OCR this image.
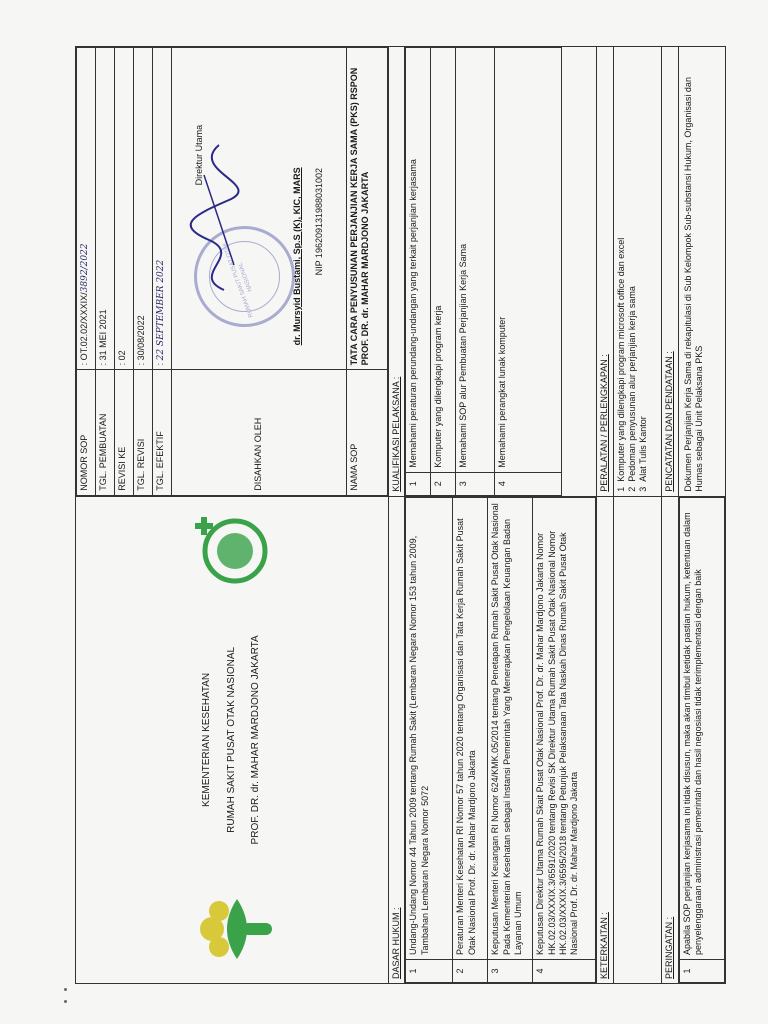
KEMENTERIAN KESEHATAN RUMAH SAKIT PUSAT OTAK NASIONAL PROF. DR. dr. MAHAR MARDJONO JAKARTA

NOMOR SOP	: OT.02.02/XXXIX/3892/2022
TGL. PEMBUATAN	: 31 MEI 2021
REVISI KE	: 02
TGL. REVISI	: 30/08/2022
TGL. EFEKTIF	: 22 SEPTEMBER 2022
DISAHKAN OLEH	
RUMAH SAKIT PUSAT OTAK NASIONAL
Direktur Utama
dr. Mursyid Bustami, Sp.S (K), KIC, MARS NIP 196209131988031002

NAMA SOP	TATA CARA PENYUSUNAN PERJANJIAN KERJA SAMA (PKS) RSPON PROF. DR. dr. MAHAR MARDJONO JAKARTA

DASAR HUKUM : 1	Undang-Undang Nomor 44 Tahun 2009 tentang Rumah Sakit (Lembaran Negara Nomor 153 tahun 2009, Tambahan Lembaran Negara Nomor 5072
2	Peraturan Menteri Kesehatan RI Nomor 57 tahun 2020 tentang Organisasi dan Tata Kerja Rumah Sakit Pusat Otak Nasional Prof. Dr. dr. Mahar Mardjono Jakarta
3	Keputusan Menteri Keuangan RI Nomor 624/KMK.05/2014 tentang Penetapan Rumah Sakit Pusat Otak Nasional Pada Kementerian Kesehatan sebagai Instansi Pemerintah Yang Menerapkan Pengelolaan Keuangan Badan Layanan Umum
4	Keputusan Direktur Utama Rumah Skait Pusat Otak Nasional Prof. Dr. dr. Mahar Mardjono Jakarta Nomor HK.02.03/XXXIX.3/6591/2020 tentang Revisi SK Direktur Utama Rumah Sakit Pusat Otak Nasional Nomor HK.02.03/XXXIX.3/6595/2018 tentang Petunjuk Pelaksanaan Tata Naskah Dinas Rumah Sakit Pusat Otak Nasional Prof. Dr. dr. Mahar Mardjono Jakarta

KUALIFIKASI PELAKSANA : 1	Memahami peraturan perundang-undangan yang terkait perjanjian kerjasama
2	Komputer yang dilengkapi program kerja
3	Memahami SOP alur Pembuatan Perjanjian Kerja Sama
4	Memahami perangkat lunak komputer

KETERKAITAN :

PERALATAN / PERLENGKAPAN : 1  Komputer yang dilengkapi program microsoft office dan excel
2  Pedoman penyusunan alur perjanjian kerja sama
3  Alat Tulis Kantor

PERINGATAN : 1	Apabila SOP perjanjian kerjasama ini tidak disusun, maka akan timbul ketidak pastian hukum, ketentuan dalam penyelenggaraan administrasi pemerintah dan hasil negosiasi tidak terimplementasi dengan baik

PENCATATAN DAN PENDATAAN : Dokumen Perjanjian Kerja Sama di rekapitulasi di Sub Kelompok Sub-substansi Hukum, Organisasi dan Humas sebagai Unit Pelaksana PKS
